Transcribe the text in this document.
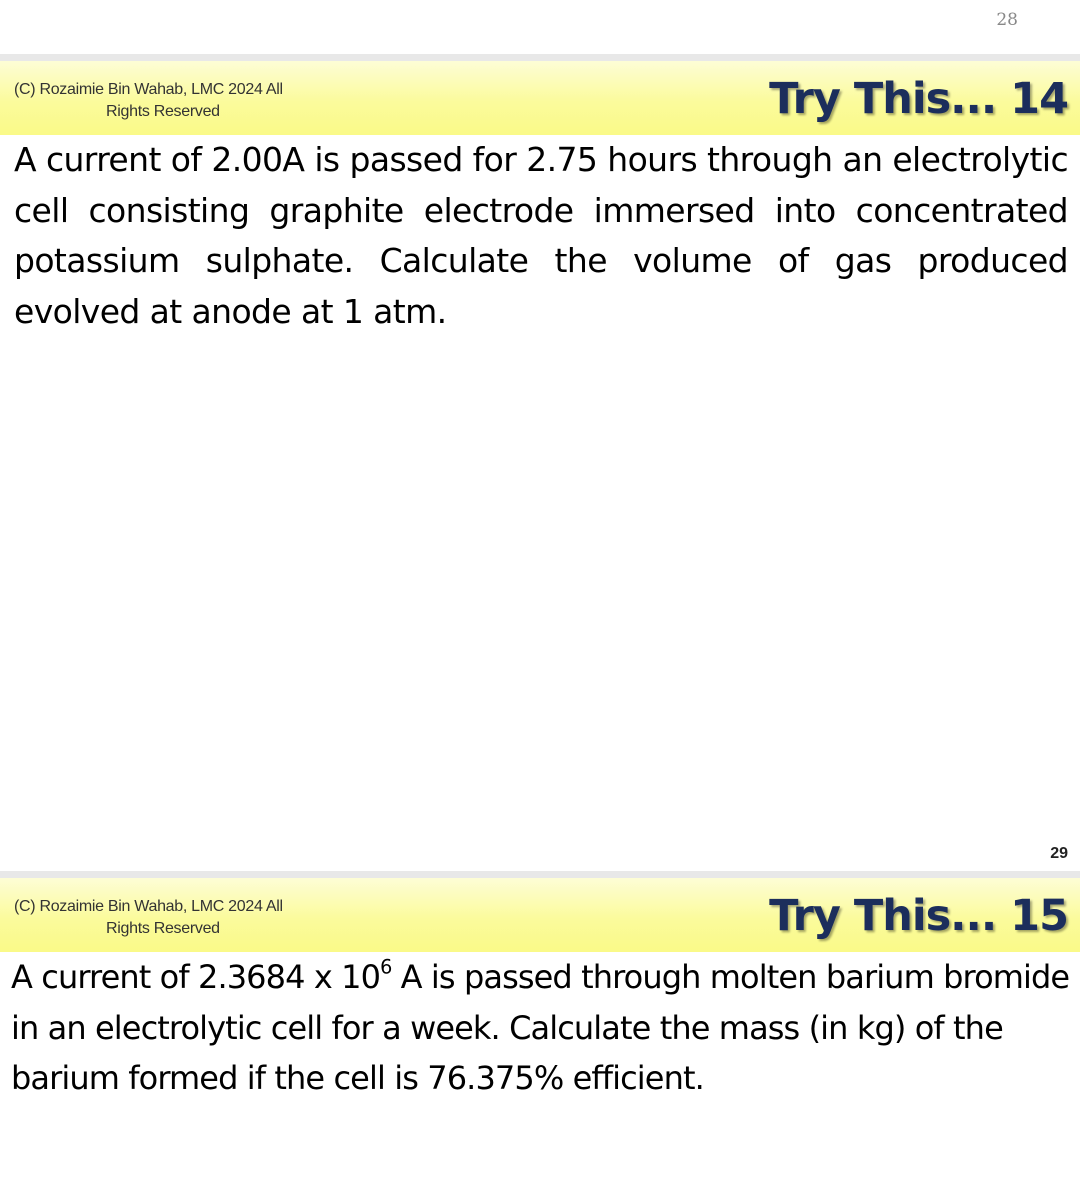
28
(C) Rozaimie Bin Wahab, LMC 2024 All
Rights Reserved	Try This... 14
A current of 2.00A is passed for 2.75 hours through an electrolytic cell consisting graphite electrode immersed into concentrated potassium sulphate. Calculate the volume of gas produced evolved at anode at 1 atm.
29
(C) Rozaimie Bin Wahab, LMC 2024 All
Rights Reserved	Try This... 15
A current of 2.3684 x $10^6$ A is passed through molten barium bromide in an electrolytic cell for a week. Calculate the mass (in kg) of the barium formed if the cell is 76.375% efficient.
